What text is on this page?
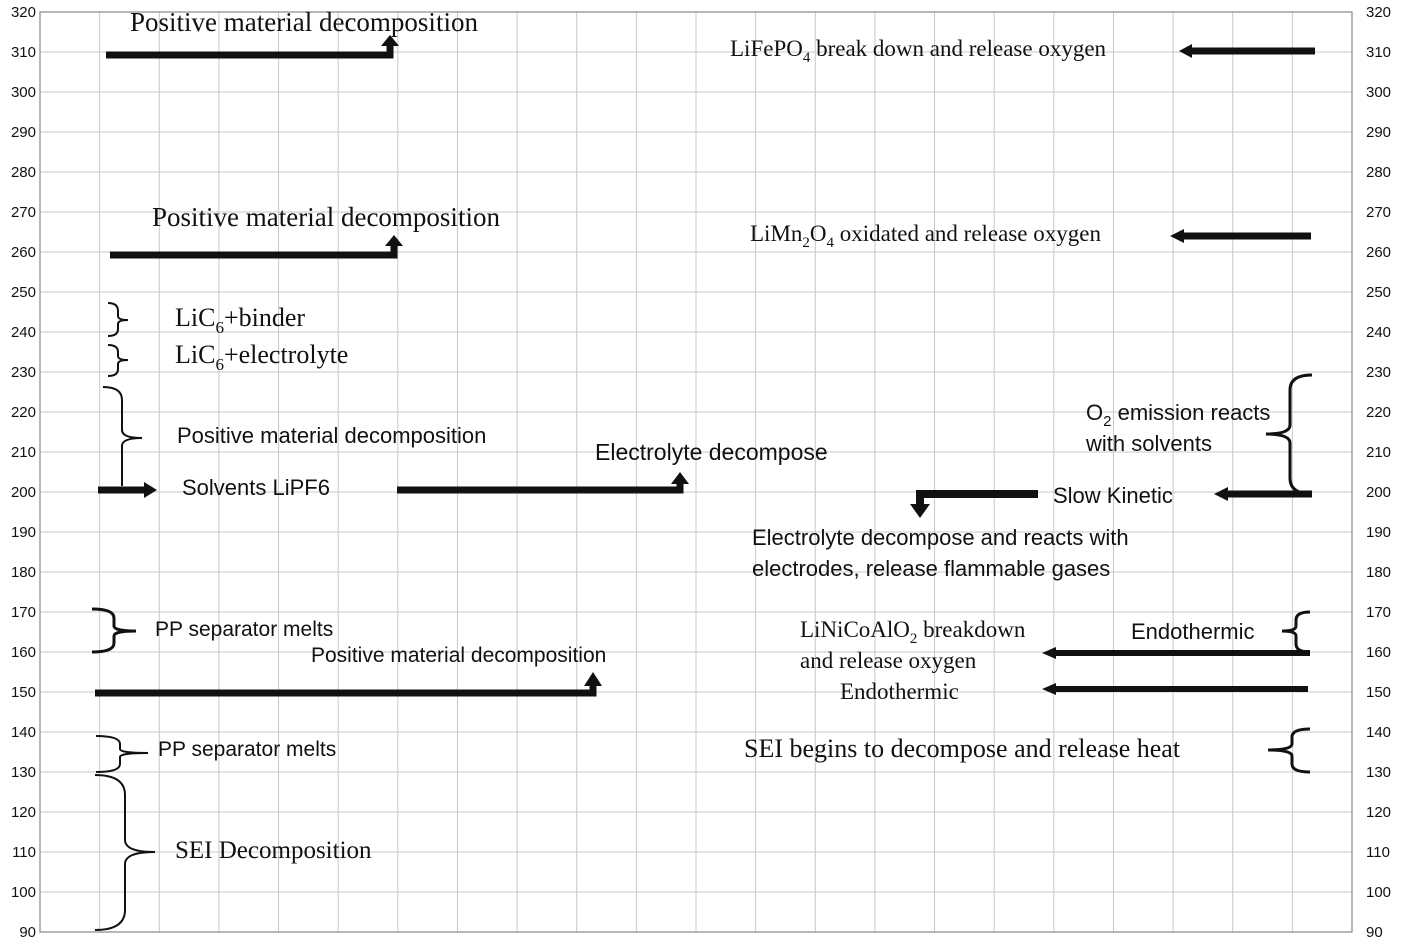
320
310
300
290
280
270
260
250
240
230
220
210
200
190
180
170
160
150
140
130
120
110
100
90
320
310
300
290
280
270
260
250
240
230
220
210
200
190
180
170
160
150
140
130
120
110
100
90
Positive material decomposition
Positive material decomposition
LiC$_6$+binder
LiC$_6$+electrolyte
Positive material decomposition
Solvents LiPF6
Electrolyte decompose
PP separator melts
Positive material decomposition
PP separator melts
SEI Decomposition
LiFePO$_4$ break down and release oxygen
$LiMn_2O_4$ oxidated and release oxygen
$O_2$ emission reacts
with solvents
Slow Kinetic
Electrolyte decompose and reacts with
electrodes, release flammable gases
Endothermic
LiNiCoAlO$_2$ breakdown
and release oxygen
Endothermic
SEI begins to decompose and release heat
